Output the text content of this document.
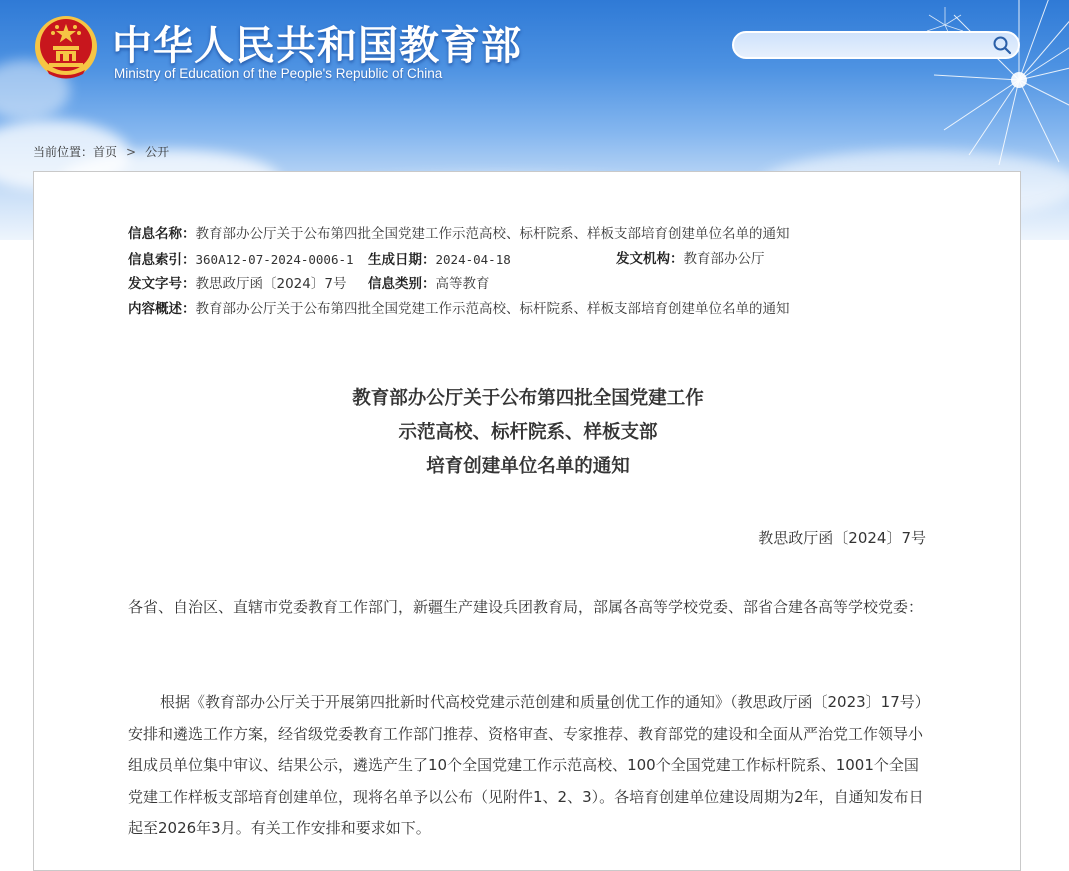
中华人民共和国教育部
Ministry of Education of the People's Republic of China
当前位置：首页 > 公开
信息名称：教育部办公厅关于公布第四批全国党建工作示范高校、标杆院系、样板支部培育创建单位名单的通知
信息索引：360A12-07-2024-0006-1 生成日期：2024-04-18	发文机构：教育部办公厅
发文字号：教思政厅函〔2024〕7号 信息类别：高等教育
内容概述：教育部办公厅关于公布第四批全国党建工作示范高校、标杆院系、样板支部培育创建单位名单的通知
教育部办公厅关于公布第四批全国党建工作
示范高校、标杆院系、样板支部
培育创建单位名单的通知
教思政厅函〔2024〕7号
各省、自治区、直辖市党委教育工作部门，新疆生产建设兵团教育局，部属各高等学校党委、部省合建各高等学校党委：
根据《教育部办公厅关于开展第四批新时代高校党建示范创建和质量创优工作的通知》（教思政厅函〔2023〕17号）安排和遴选工作方案，经省级党委教育工作部门推荐、资格审查、专家推荐、教育部党的建设和全面从严治党工作领导小组成员单位集中审议、结果公示，遴选产生了10个全国党建工作示范高校、100个全国党建工作标杆院系、1001个全国党建工作样板支部培育创建单位，现将名单予以公布（见附件1、2、3）。各培育创建单位建设周期为2年，自通知发布日起至2026年3月。有关工作安排和要求如下。
